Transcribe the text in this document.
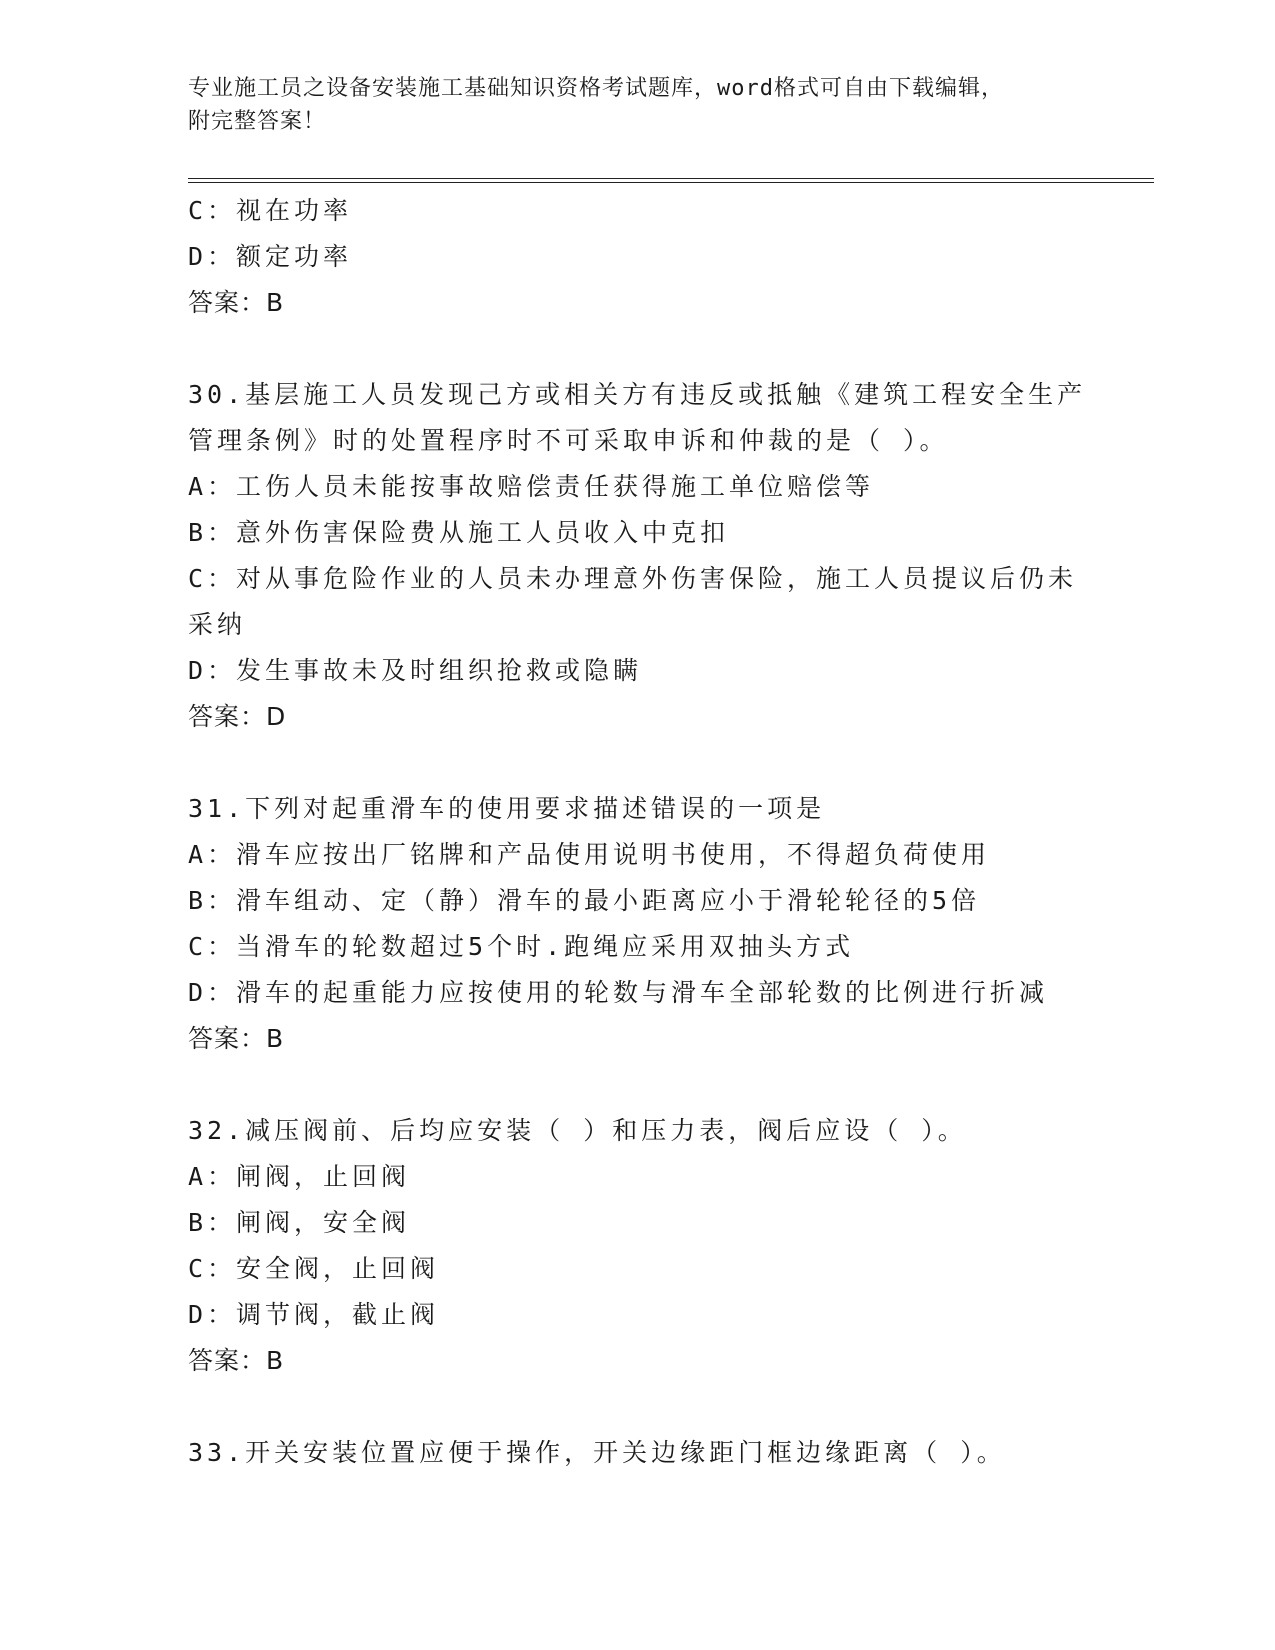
专业施工员之设备安装施工基础知识资格考试题库，word格式可自由下载编辑，
附完整答案！
C：视在功率
D：额定功率
答案：B
30.基层施工人员发现己方或相关方有违反或抵触《建筑工程安全生产
管理条例》时的处置程序时不可采取申诉和仲裁的是（ ）。
A：工伤人员未能按事故赔偿责任获得施工单位赔偿等
B：意外伤害保险费从施工人员收入中克扣
C：对从事危险作业的人员未办理意外伤害保险，施工人员提议后仍未
采纳
D：发生事故未及时组织抢救或隐瞒
答案：D
31.下列对起重滑车的使用要求描述错误的一项是
A：滑车应按出厂铭牌和产品使用说明书使用，不得超负荷使用
B：滑车组动、定（静）滑车的最小距离应小于滑轮轮径的5倍
C：当滑车的轮数超过5个时.跑绳应采用双抽头方式
D：滑车的起重能力应按使用的轮数与滑车全部轮数的比例进行折减
答案：B
32.减压阀前、后均应安装（ ）和压力表，阀后应设（ ）。
A：闸阀，止回阀
B：闸阀，安全阀
C：安全阀，止回阀
D：调节阀，截止阀
答案：B
33.开关安装位置应便于操作，开关边缘距门框边缘距离（ ）。
